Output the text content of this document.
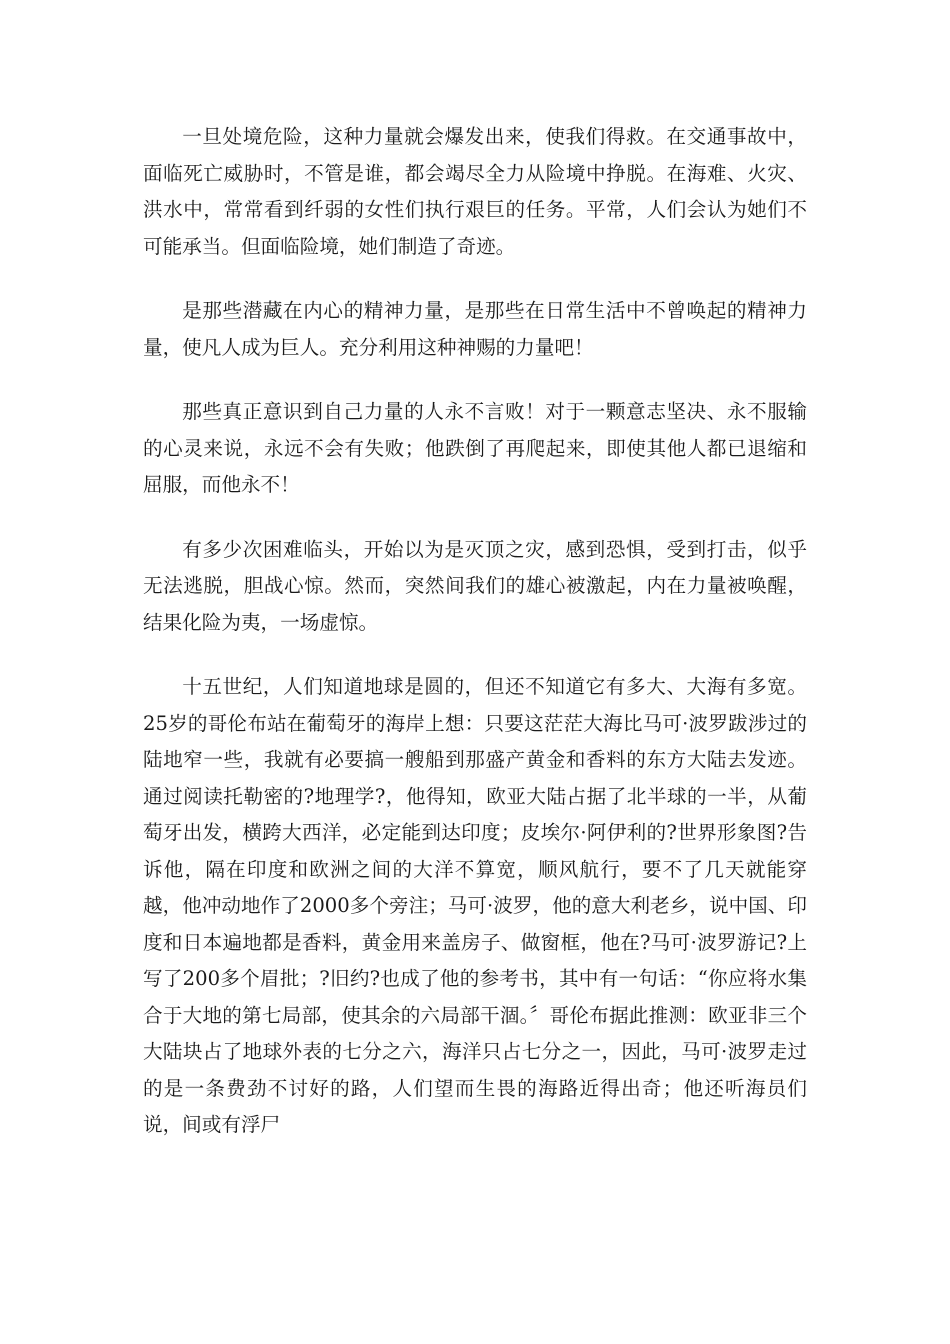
一旦处境危险，这种力量就会爆发出来，使我们得救。在交通事故中，面临死亡威胁时，不管是谁，都会竭尽全力从险境中挣脱。在海难、火灾、洪水中，常常看到纤弱的女性们执行艰巨的任务。平常，人们会认为她们不可能承当。但面临险境，她们制造了奇迹。

是那些潜藏在内心的精神力量，是那些在日常生活中不曾唤起的精神力量，使凡人成为巨人。充分利用这种神赐的力量吧！

那些真正意识到自己力量的人永不言败！对于一颗意志坚决、永不服输的心灵来说，永远不会有失败；他跌倒了再爬起来，即使其他人都已退缩和屈服，而他永不！

有多少次困难临头，开始以为是灭顶之灾，感到恐惧，受到打击，似乎无法逃脱，胆战心惊。然而，突然间我们的雄心被激起，内在力量被唤醒，结果化险为夷，一场虚惊。

十五世纪，人们知道地球是圆的，但还不知道它有多大、大海有多宽。25岁的哥伦布站在葡萄牙的海岸上想：只要这茫茫大海比马可·波罗跋涉过的陆地窄一些，我就有必要搞一艘船到那盛产黄金和香料的东方大陆去发迹。通过阅读托勒密的?地理学?，他得知，欧亚大陆占据了北半球的一半，从葡萄牙出发，横跨大西洋，必定能到达印度；皮埃尔·阿伊利的?世界形象图?告诉他，隔在印度和欧洲之间的大洋不算宽，顺风航行，要不了几天就能穿越，他冲动地作了2000多个旁注；马可·波罗，他的意大利老乡，说中国、印度和日本遍地都是香料，黄金用来盖房子、做窗框，他在?马可·波罗游记?上写了200多个眉批；?旧约?也成了他的参考书，其中有一句话：“你应将水集合于大地的第七局部，使其余的六局部干涸。〞哥伦布据此推测：欧亚非三个大陆块占了地球外表的七分之六，海洋只占七分之一，因此，马可·波罗走过的是一条费劲不讨好的路，人们望而生畏的海路近得出奇；他还听海员们说，间或有浮尸
